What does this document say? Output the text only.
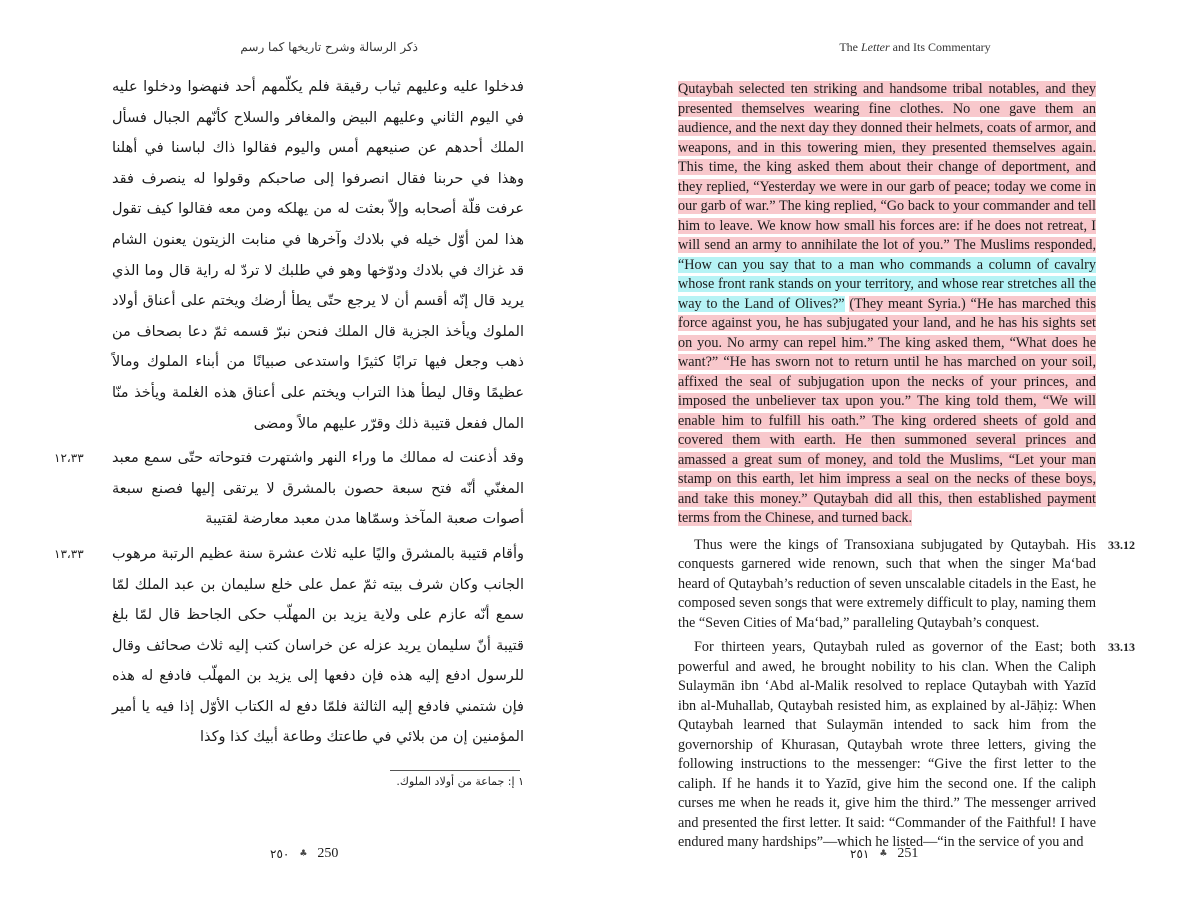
ذكر الرسالة وشرح تاريخها كما رسم

فدخلوا عليه وعليهم ثياب رقيقة فلم يكلّمهم أحد فنهضوا ودخلوا عليه في اليوم الثاني وعليهم البيض والمغافر والسلاح كأنّهم الجبال فسأل الملك أحدهم عن صنيعهم أمس واليوم فقالوا ذاك لباسنا في أهلنا وهذا في حربنا فقال انصرفوا إلى صاحبكم وقولوا له ينصرف فقد عرفت قلّة أصحابه وإلاّ بعثت له من يهلكه ومن معه فقالوا كيف تقول هذا لمن أوّل خيله في بلادك وآخرها في منابت الزيتون يعنون الشام قد غزاك في بلادك ودوّخها وهو في طلبك لا تردّ له راية قال وما الذي يريد قال إنّه أقسم أن لا يرجع حتّى يطأ أرضك ويختم على أعناق أولاد الملوك ويأخذ الجزية قال الملك فنحن نبرّ قسمه ثمّ دعا بصحاف من ذهب وجعل فيها ترابًا كثيرًا واستدعى صبيانًا من أبناء الملوك ومالاً عظيمًا وقال ليطأ هذا التراب ويختم على أعناق هذه الغلمة ويأخذ منّا المال ففعل قتيبة ذلك وقرّر عليهم مالاً ومضى

١٢،٣٣ وقد أذعنت له ممالك ما وراء النهر واشتهرت فتوحاته حتّى سمع معبد المغنّي أنّه فتح سبعة حصون بالمشرق لا يرتقى إليها فصنع سبعة أصوات صعبة المآخذ وسمّاها مدن معبد معارضة لقتيبة

١٣،٣٣ وأقام قتيبة بالمشرق واليًا عليه ثلاث عشرة سنة عظيم الرتبة مرهوب الجانب وكان شرف بيته ثمّ عمل على خلع سليمان بن عبد الملك لمّا سمع أنّه عازم على ولاية يزيد بن المهلّب حكى الجاحظ قال لمّا بلغ قتيبة أنّ سليمان يريد عزله عن خراسان كتب إليه ثلاث صحائف وقال للرسول ادفع إليه هذه فإن دفعها إلى يزيد بن المهلّب فادفع له هذه فإن شتمني فادفع إليه الثالثة فلمّا دفع له الكتاب الأوّل إذا فيه يا أمير المؤمنين إن من بلائي في طاعتك وطاعة أبيك كذا وكذا

١ إ: جماعة من أولاد الملوك.
٢٥٠ ♣ 250
The Letter and Its Commentary

Qutaybah selected ten striking and handsome tribal notables, and they presented themselves wearing fine clothes. No one gave them an audience, and the next day they donned their helmets, coats of armor, and weapons, and in this towering mien, they presented themselves again. This time, the king asked them about their change of deportment, and they replied, “Yesterday we were in our garb of peace; today we come in our garb of war.” The king replied, “Go back to your commander and tell him to leave. We know how small his forces are: if he does not retreat, I will send an army to annihilate the lot of you.” The Muslims responded, “How can you say that to a man who commands a column of cavalry whose front rank stands on your territory, and whose rear stretches all the way to the Land of Olives?” (They meant Syria.) “He has marched this force against you, he has subjugated your land, and he has his sights set on you. No army can repel him.” The king asked them, “What does he want?” “He has sworn not to return until he has marched on your soil, affixed the seal of subjugation upon the necks of your princes, and imposed the unbeliever tax upon you.” The king told them, “We will enable him to fulfill his oath.” The king ordered sheets of gold and covered them with earth. He then summoned several princes and amassed a great sum of money, and told the Muslims, “Let your man stamp on this earth, let him impress a seal on the necks of these boys, and take this money.” Qutaybah did all this, then established payment terms from the Chinese, and turned back.

33.12
Thus were the kings of Transoxiana subjugated by Qutaybah. His conquests garnered wide renown, such that when the singer Ma‘bad heard of Qutaybah’s reduction of seven unscalable citadels in the East, he composed seven songs that were extremely difficult to play, naming them the “Seven Cities of Ma‘bad,” paralleling Qutaybah’s conquest.

33.13
For thirteen years, Qutaybah ruled as governor of the East; both powerful and awed, he brought nobility to his clan. When the Caliph Sulaymān ibn ‘Abd al-Malik resolved to replace Qutaybah with Yazīd ibn al-Muhallab, Qutaybah resisted him, as explained by al-Jāḥiẓ: When Qutaybah learned that Sulaymān intended to sack him from the governorship of Khurasan, Qutaybah wrote three letters, giving the following instructions to the messenger: “Give the first letter to the caliph. If he hands it to Yazīd, give him the second one. If the caliph curses me when he reads it, give him the third.” The messenger arrived and presented the first letter. It said: “Commander of the Faithful! I have endured many hardships”—which he listed—“in the service of you and

٢٥١ ♣ 251
